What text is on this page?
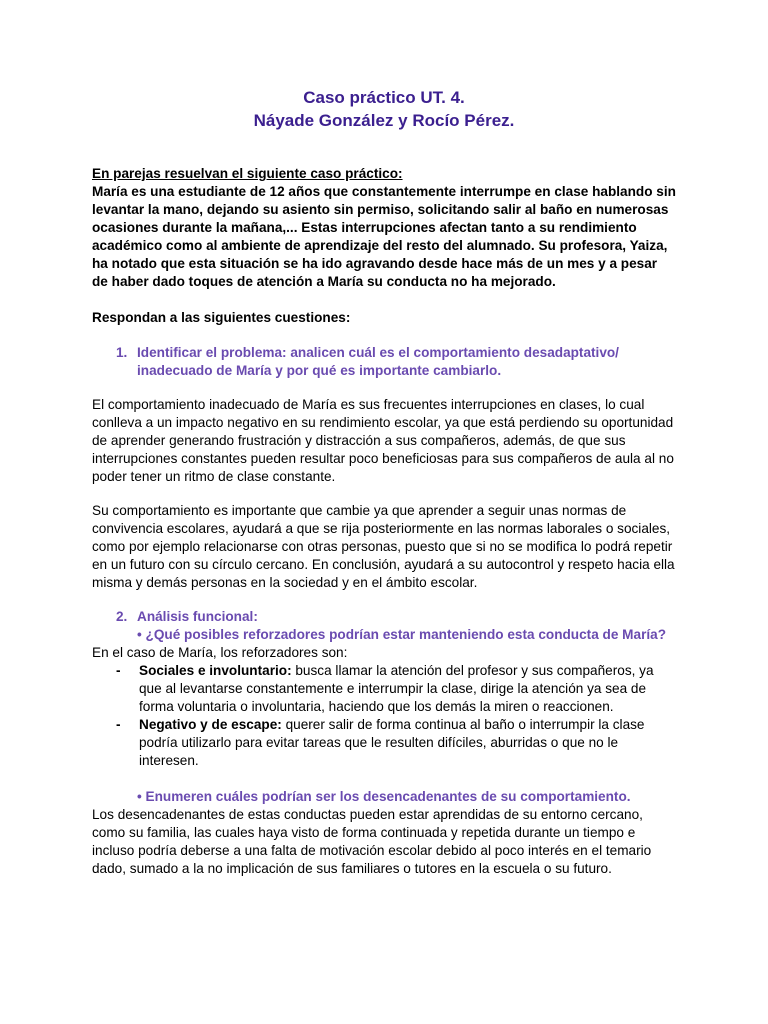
Caso práctico UT. 4.
Náyade González y Rocío Pérez.
En parejas resuelvan el siguiente caso práctico:
María es una estudiante de 12 años que constantemente interrumpe en clase hablando sin levantar la mano, dejando su asiento sin permiso, solicitando salir al baño en numerosas ocasiones durante la mañana,... Estas interrupciones afectan tanto a su rendimiento académico como al ambiente de aprendizaje del resto del alumnado. Su profesora, Yaiza, ha notado que esta situación se ha ido agravando desde hace más de un mes y a pesar de haber dado toques de atención a María su conducta no ha mejorado.
Respondan a las siguientes cuestiones:
1. Identificar el problema: analicen cuál es el comportamiento desadaptativo/ inadecuado de María y por qué es importante cambiarlo.

El comportamiento inadecuado de María es sus frecuentes interrupciones en clases, lo cual conlleva a un impacto negativo en su rendimiento escolar, ya que está perdiendo su oportunidad de aprender generando frustración y distracción a sus compañeros, además, de que sus interrupciones constantes pueden resultar poco beneficiosas para sus compañeros de aula al no poder tener un ritmo de clase constante.

Su comportamiento es importante que cambie ya que aprender a seguir unas normas de convivencia escolares, ayudará a que se rija posteriormente en las normas laborales o sociales, como por ejemplo relacionarse con otras personas, puesto que si no se modifica lo podrá repetir en un futuro con su círculo cercano. En conclusión, ayudará a su autocontrol y respeto hacia ella misma y demás personas en la sociedad y en el ámbito escolar.

2. Análisis funcional:
• ¿Qué posibles reforzadores podrían estar manteniendo esta conducta de María?
En el caso de María, los reforzadores son:
-	Sociales e involuntario: busca llamar la atención del profesor y sus compañeros, ya que al levantarse constantemente e interrumpir la clase, dirige la atención ya sea de forma voluntaria o involuntaria, haciendo que los demás la miren o reaccionen.
-	Negativo y de escape: querer salir de forma continua al baño o interrumpir la clase podría utilizarlo para evitar tareas que le resulten difíciles, aburridas o que no le interesen.
• Enumeren cuáles podrían ser los desencadenantes de su comportamiento.

Los desencadenantes de estas conductas pueden estar aprendidas de su entorno cercano, como su familia, las cuales haya visto de forma continuada y repetida durante un tiempo e incluso podría deberse a una falta de motivación escolar debido al poco interés en el temario dado, sumado a la no implicación de sus familiares o tutores en la escuela o su futuro.
